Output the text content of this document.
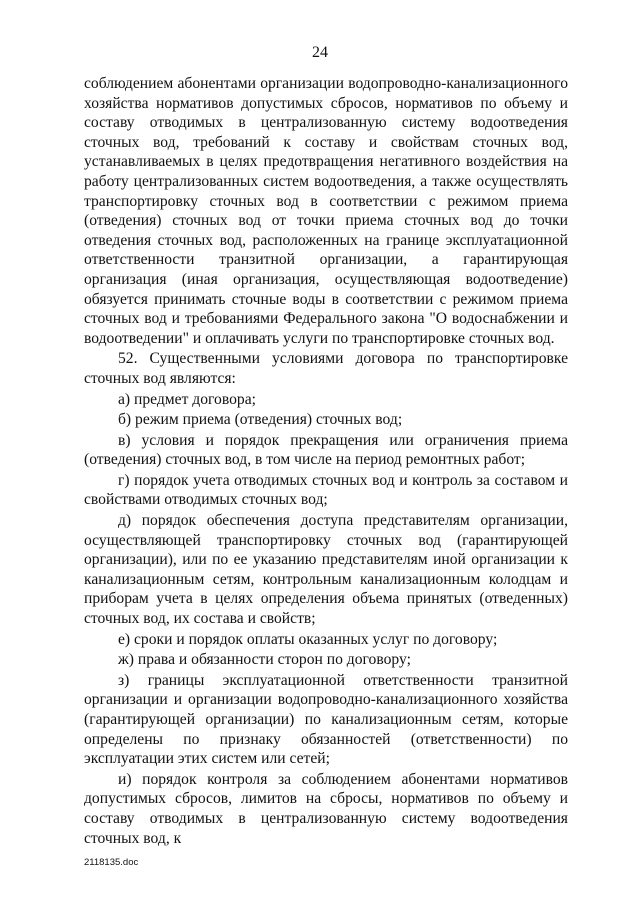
24

соблюдением абонентами организации водопроводно-канализационного хозяйства нормативов допустимых сбросов, нормативов по объему и составу отводимых в централизованную систему водоотведения сточных вод, требований к составу и свойствам сточных вод, устанавливаемых в целях предотвращения негативного воздействия на работу централизованных систем водоотведения, а также осуществлять транспортировку сточных вод в соответствии с режимом приема (отведения) сточных вод от точки приема сточных вод до точки отведения сточных вод, расположенных на границе эксплуатационной ответственности транзитной организации, а гарантирующая организация (иная организация, осуществляющая водоотведение) обязуется принимать сточные воды в соответствии с режимом приема сточных вод и требованиями Федерального закона "О водоснабжении и водоотведении" и оплачивать услуги по транспортировке сточных вод.

52. Существенными условиями договора по транспортировке сточных вод являются:

а) предмет договора;

б) режим приема (отведения) сточных вод;

в) условия и порядок прекращения или ограничения приема (отведения) сточных вод, в том числе на период ремонтных работ;

г) порядок учета отводимых сточных вод и контроль за составом и свойствами отводимых сточных вод;

д) порядок обеспечения доступа представителям организации, осуществляющей транспортировку сточных вод (гарантирующей организации), или по ее указанию представителям иной организации к канализационным сетям, контрольным канализационным колодцам и приборам учета в целях определения объема принятых (отведенных) сточных вод, их состава и свойств;

е) сроки и порядок оплаты оказанных услуг по договору;

ж) права и обязанности сторон по договору;

з) границы эксплуатационной ответственности транзитной организации и организации водопроводно-канализационного хозяйства (гарантирующей организации) по канализационным сетям, которые определены по признаку обязанностей (ответственности) по эксплуатации этих систем или сетей;

и) порядок контроля за соблюдением абонентами нормативов допустимых сбросов, лимитов на сбросы, нормативов по объему и составу отводимых в централизованную систему водоотведения сточных вод, к

2118135.doc
